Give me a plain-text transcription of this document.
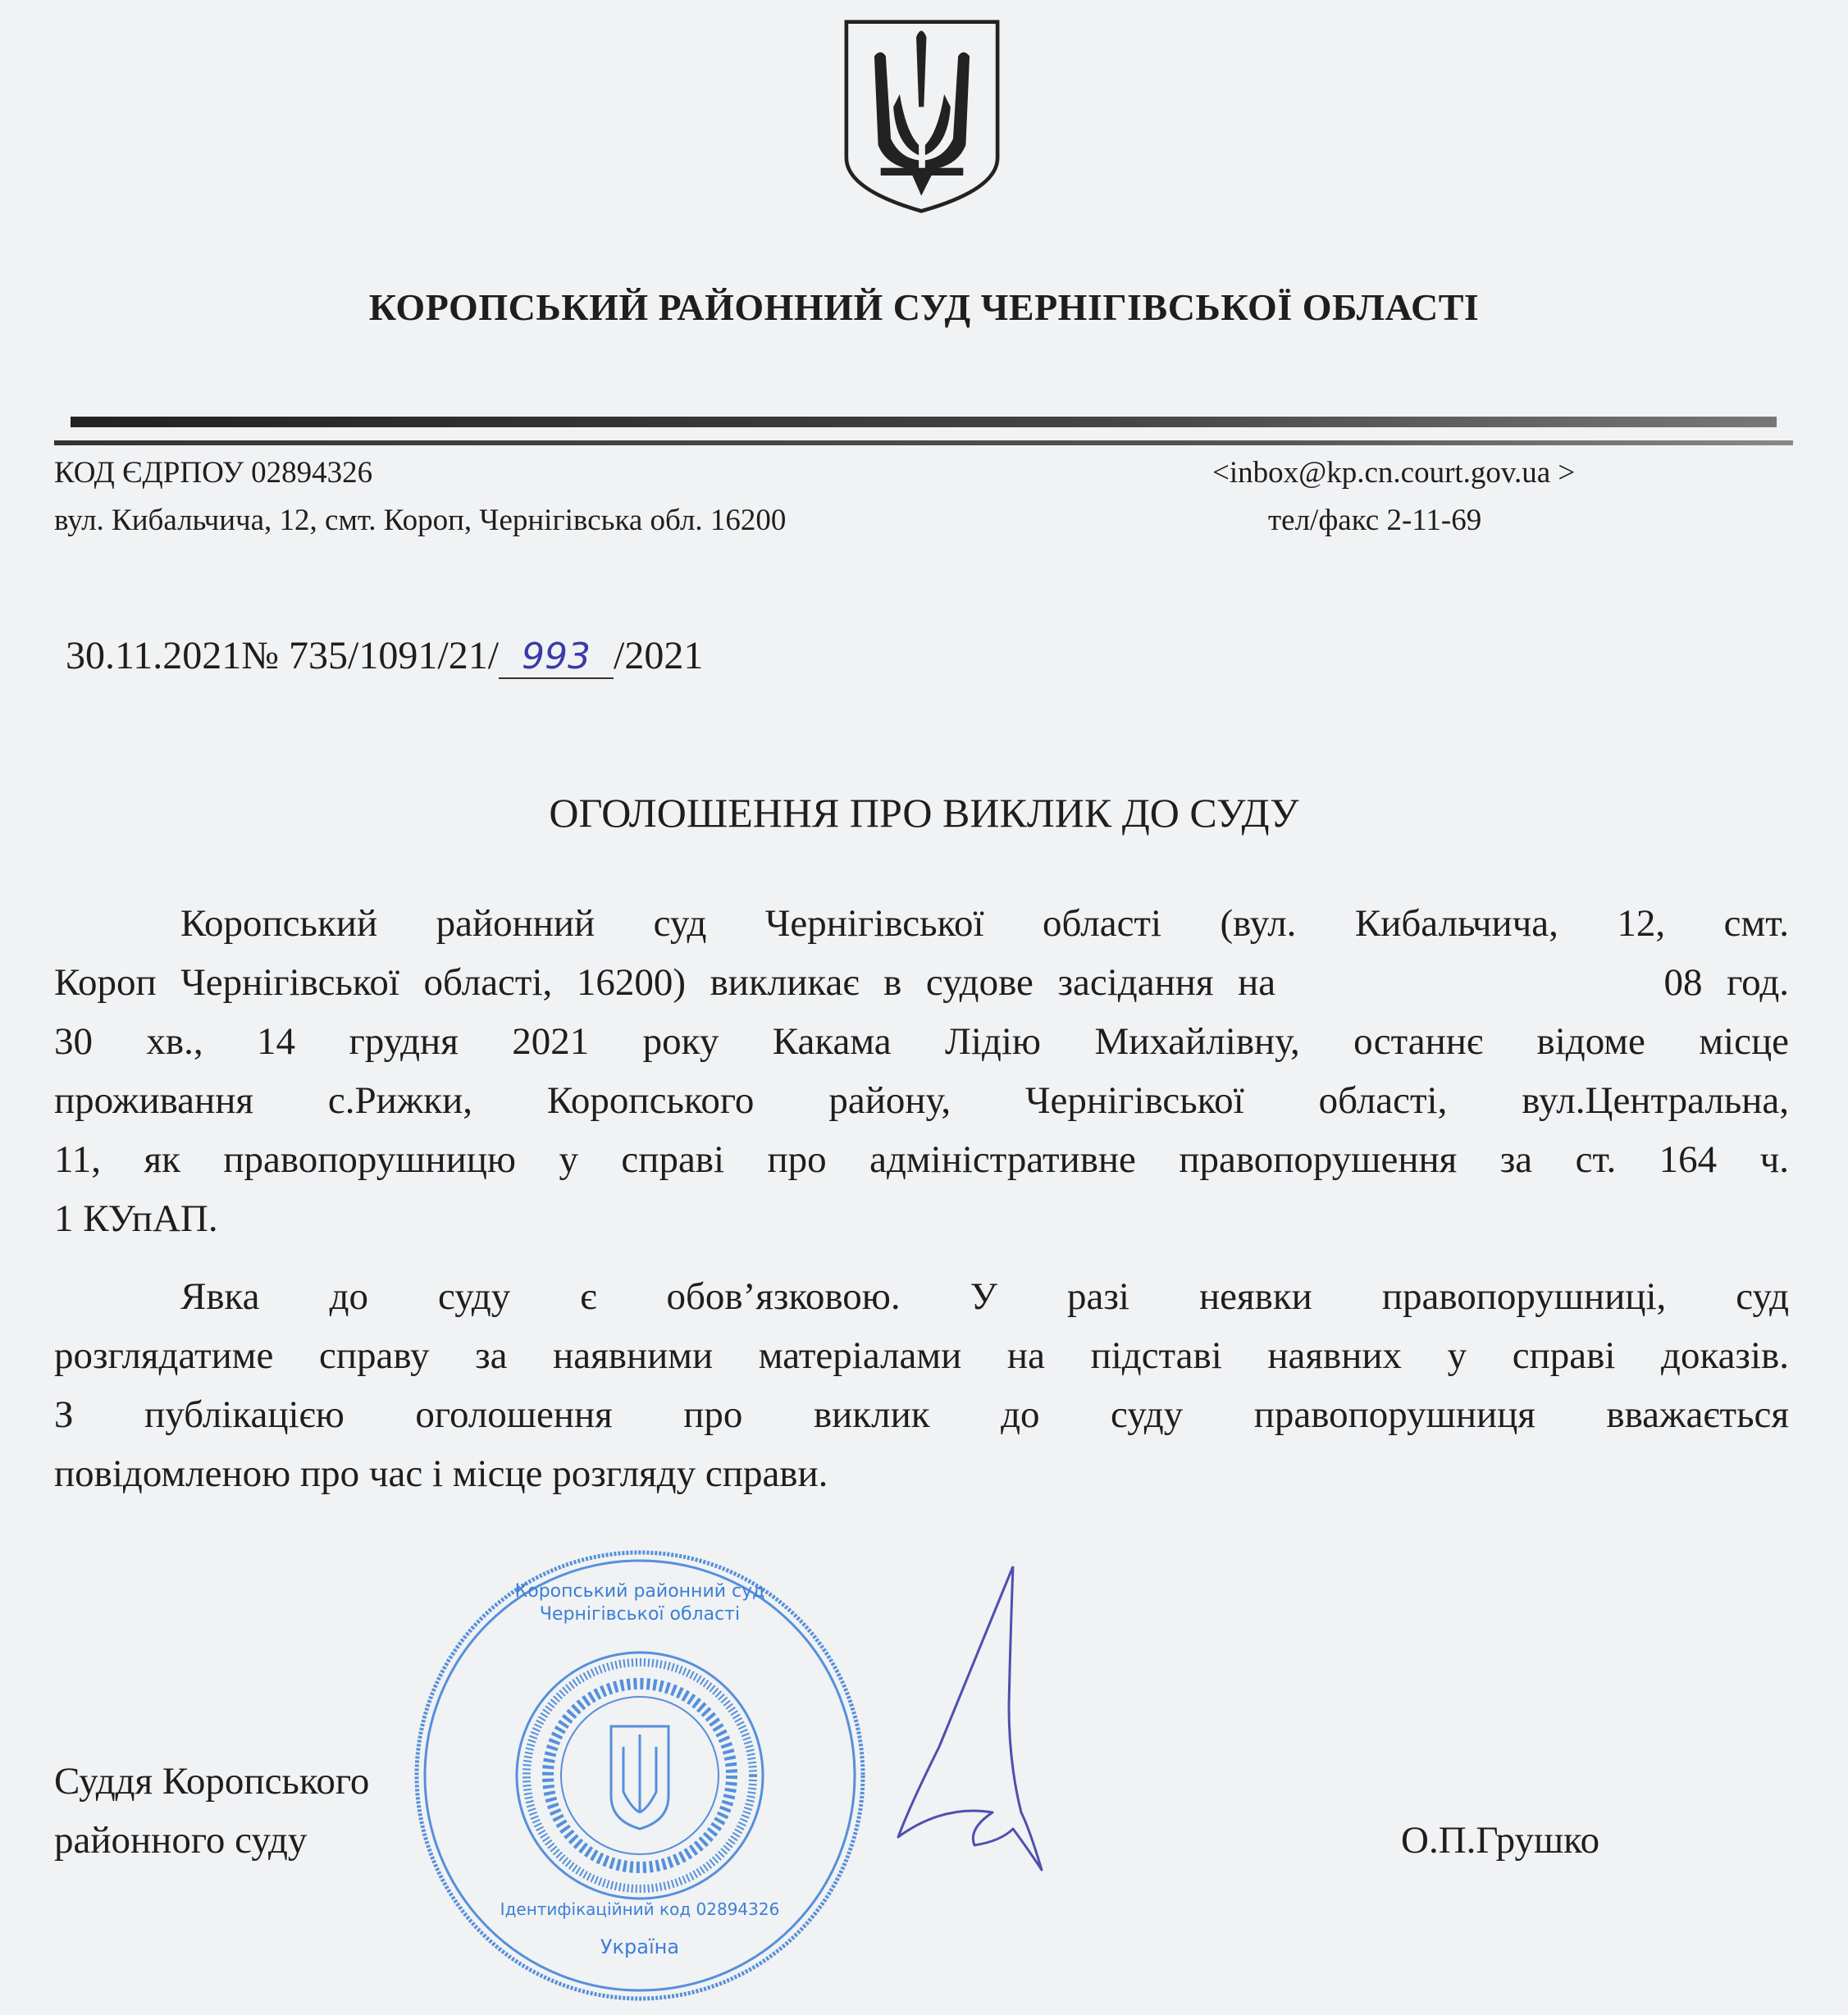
КОРОПСЬКИЙ РАЙОННИЙ СУД ЧЕРНІГІВСЬКОЇ ОБЛАСТІ
КОД ЄДРПОУ 02894326
вул. Кибальчича, 12, смт. Короп, Чернігівська обл. 16200
<inbox@kp.cn.court.gov.ua >
тел/факс 2-11-69
30.11.2021№ 735/1091/21/ 993 /2021
ОГОЛОШЕННЯ ПРО ВИКЛИК ДО СУДУ
Коропський районний суд Чернігівської області (вул. Кибальчича, 12, смт.
Короп Чернігівської області, 16200) викликає в судове засідання на                08 год.
30 хв., 14 грудня 2021 року Какама Лідію Михайлівну, останнє відоме місце
проживання с.Рижки, Коропського району, Чернігівської області, вул.Центральна,
11, як правопорушницю у справі про адміністративне правопорушення за ст. 164 ч.
1 КУпАП.
Явка до суду є обов’язковою. У разі неявки правопорушниці, суд
розглядатиме справу за наявними матеріалами на підставі наявних у справі доказів.
З публікацією оголошення про виклик до суду правопорушниця вважається
повідомленою про час і місце розгляду справи.
Суддя Коропського
районного суду	О.П.Грушко
Коропський районний суд Чернігівської області
Ідентифікаційний код 02894326
Україна
